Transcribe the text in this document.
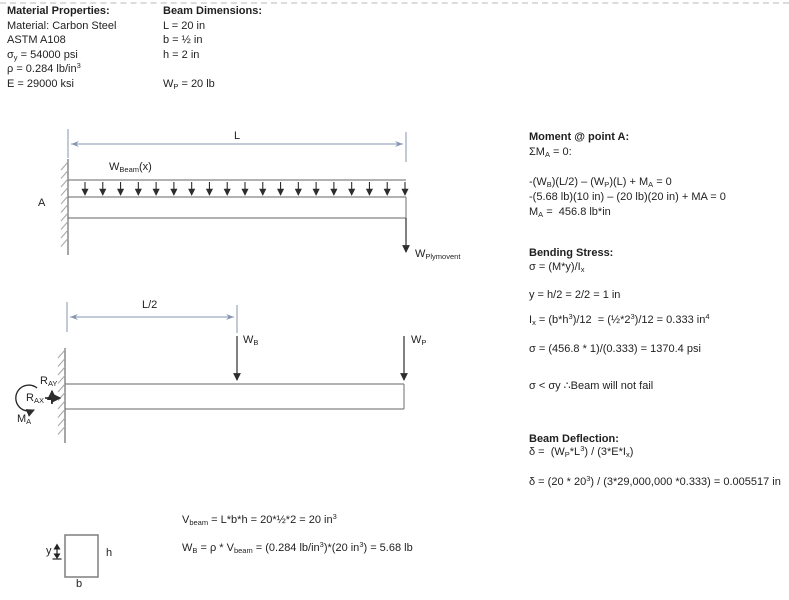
Material Properties:
Material: Carbon Steel
ASTM A108
$\sigma_y = 54000$ psi
ρ = 0.284 $lb/in^3$
E = 29000 ksi
Beam Dimensions:
L = 20 in
b = ½ in
h = 2 in
$W_P = 20$ lb
A
$W_{Beam}(x)$
L
$W_{Plymovent}$
L/2
$W_B$	$W_P$
$R_{AY}$
$R_{AX}$
$M_A$
y	h
b
$V_{beam} = L*b*h$ = 20*½*2 = 20 $in^3$
$W_B = \rho * V_{beam} = (0.284$ $lb/in^3)*(20$ $in^3) = 5.68$ lb
Moment @ point A:
$\Sigma M_A = 0$:
$-(W_B)(L/2) - (W_P)(L) + M_A = 0$
-(5.68 lb)(10 in) – (20 lb)(20 in) + MA = 0
$M_A = 456.8$ lb*in
Bending Stress:
$\sigma = (M*y)/I_x$
y = h/2 = 2/2 = 1 in
$I_x = (b*h^3)/12$  = $(\frac{1}{2}*2^3)/12 = 0.333$ $in^4$
σ = (456.8 * 1)/(0.333) = 1370.4 psi
σ < σy ∴Beam will not fail
Beam Deflection:
$\delta = (W_P*L^3) / (3*E*I_x)$
$\delta = (20 * 20^3) / (3*29,000,000$ *0.333) = 0.005517 in
